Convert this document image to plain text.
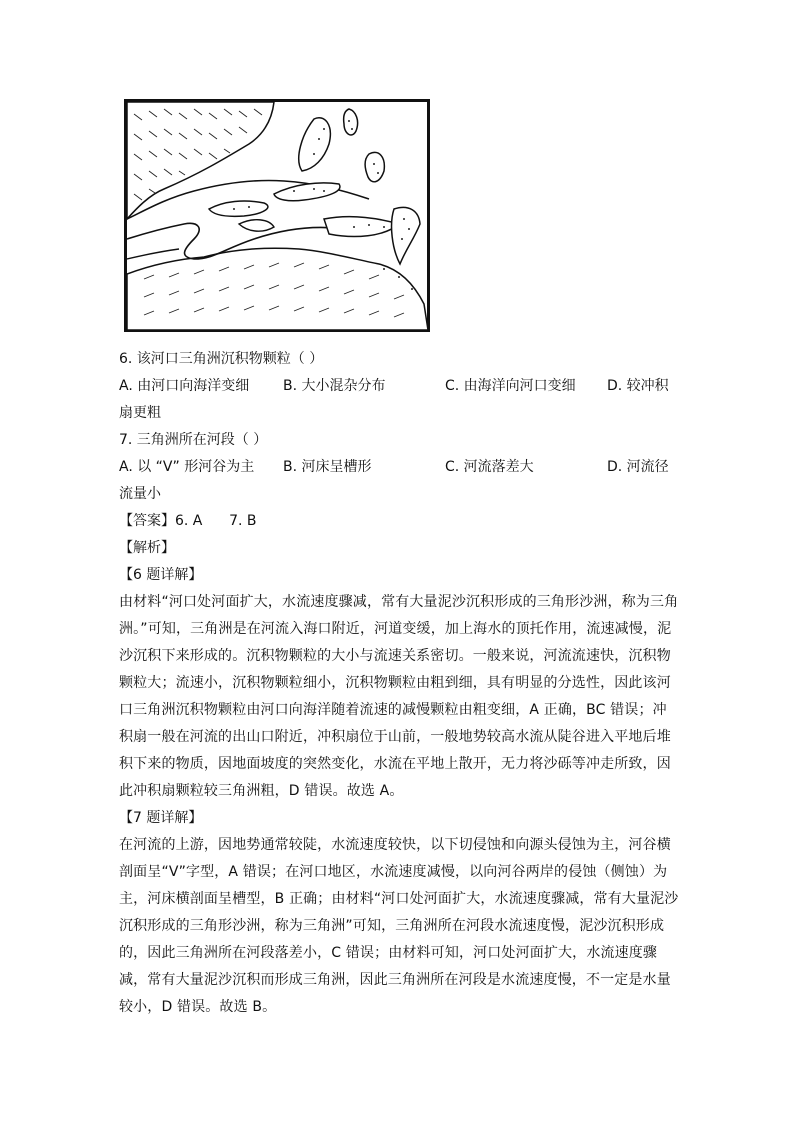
6. 该河口三角洲沉积物颗粒（ ）
A. 由河口向海洋变细	B. 大小混杂分布	C. 由海洋向河口变细	D. 较冲积
扇更粗
7. 三角洲所在河段（ ）
A. 以 “V” 形河谷为主	B. 河床呈槽形	C. 河流落差大	D. 河流径
流量小
【答案】6. A      7. B
【解析】
【6 题详解】
由材料“河口处河面扩大，水流速度骤减，常有大量泥沙沉积形成的三角形沙洲，称为三角
洲。”可知，三角洲是在河流入海口附近，河道变缓，加上海水的顶托作用，流速减慢，泥
沙沉积下来形成的。沉积物颗粒的大小与流速关系密切。一般来说，河流流速快，沉积物
颗粒大；流速小，沉积物颗粒细小，沉积物颗粒由粗到细，具有明显的分选性，因此该河
口三角洲沉积物颗粒由河口向海洋随着流速的减慢颗粒由粗变细，A 正确，BC 错误；冲
积扇一般在河流的出山口附近，冲积扇位于山前，一般地势较高水流从陡谷进入平地后堆
积下来的物质，因地面坡度的突然变化，水流在平地上散开，无力将沙砾等冲走所致，因
此冲积扇颗粒较三角洲粗，D 错误。故选 A。
【7 题详解】
在河流的上游，因地势通常较陡，水流速度较快，以下切侵蚀和向源头侵蚀为主，河谷横
剖面呈“V”字型，A 错误；在河口地区，水流速度减慢，以向河谷两岸的侵蚀（侧蚀）为
主，河床横剖面呈槽型，B 正确；由材料“河口处河面扩大，水流速度骤减，常有大量泥沙
沉积形成的三角形沙洲，称为三角洲”可知，三角洲所在河段水流速度慢，泥沙沉积形成
的，因此三角洲所在河段落差小，C 错误；由材料可知，河口处河面扩大，水流速度骤
减，常有大量泥沙沉积而形成三角洲，因此三角洲所在河段是水流速度慢，不一定是水量
较小，D 错误。故选 B。
